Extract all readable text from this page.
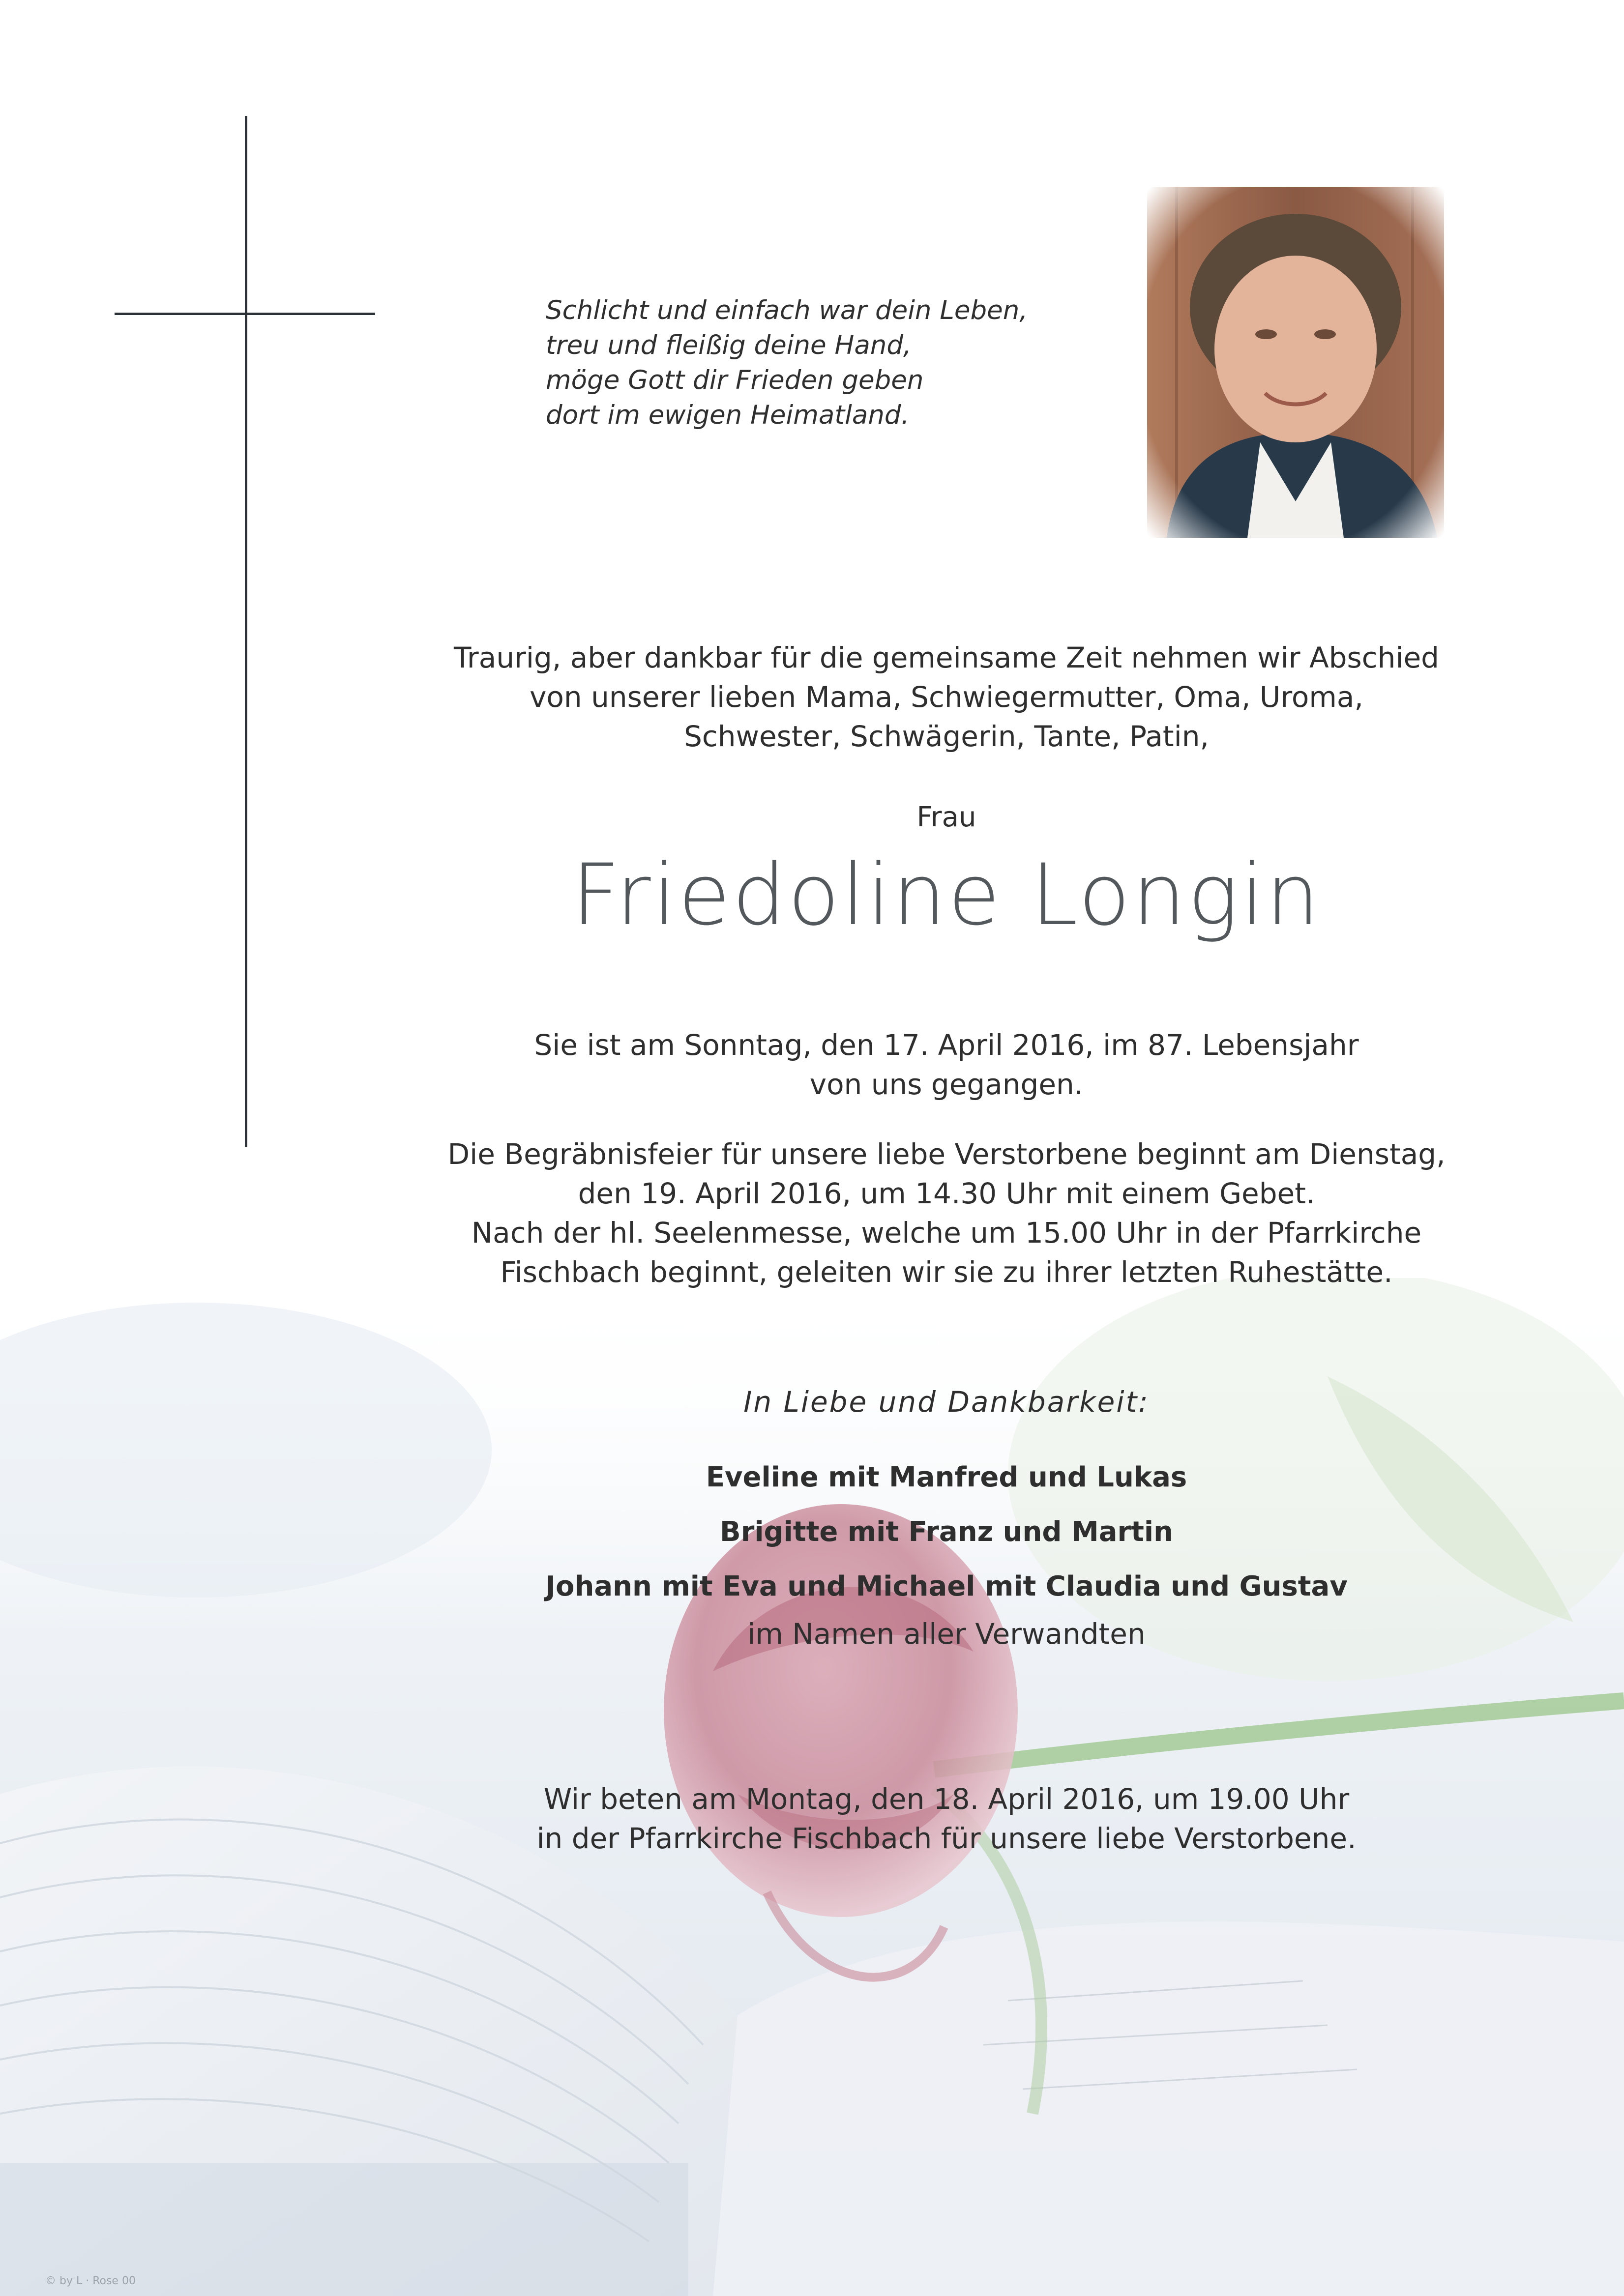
Schlicht und einfach war dein Leben,
treu und fleißig deine Hand,
möge Gott dir Frieden geben
dort im ewigen Heimatland.
Traurig, aber dankbar für die gemeinsame Zeit nehmen wir Abschied
von unserer lieben Mama, Schwiegermutter, Oma, Uroma,
Schwester, Schwägerin, Tante, Patin,
Frau
Friedoline Longin
Sie ist am Sonntag, den 17. April 2016, im 87. Lebensjahr
von uns gegangen.
Die Begräbnisfeier für unsere liebe Verstorbene beginnt am Dienstag,
den 19. April 2016, um 14.30 Uhr mit einem Gebet.
Nach der hl. Seelenmesse, welche um 15.00 Uhr in der Pfarrkirche
Fischbach beginnt, geleiten wir sie zu ihrer letzten Ruhestätte.
In Liebe und Dankbarkeit:
Eveline mit Manfred und Lukas
Brigitte mit Franz und Martin
Johann mit Eva und Michael mit Claudia und Gustav
im Namen aller Verwandten
Wir beten am Montag, den 18. April 2016, um 19.00 Uhr
in der Pfarrkirche Fischbach für unsere liebe Verstorbene.
© by L · Rose 00
